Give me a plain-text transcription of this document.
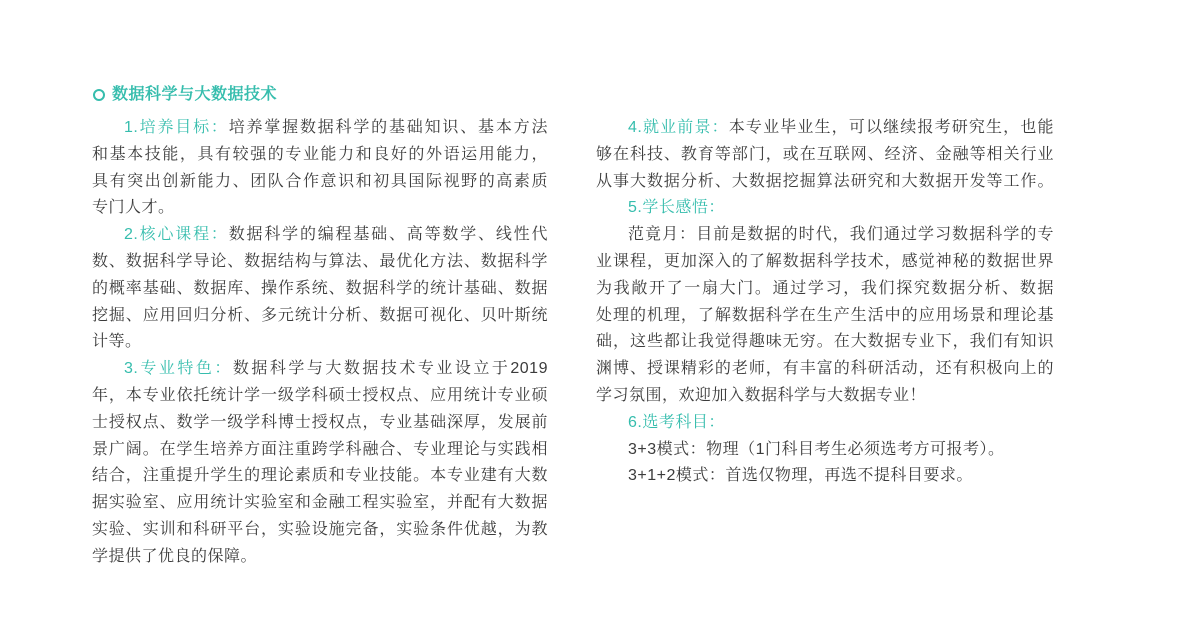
数据科学与大数据技术
1.培养目标：培养掌握数据科学的基础知识、基本方法
和基本技能，具有较强的专业能力和良好的外语运用能力，
具有突出创新能力、团队合作意识和初具国际视野的高素质
专门人才。
2.核心课程：数据科学的编程基础、高等数学、线性代
数、数据科学导论、数据结构与算法、最优化方法、数据科学
的概率基础、数据库、操作系统、数据科学的统计基础、数据
挖掘、应用回归分析、多元统计分析、数据可视化、贝叶斯统
计等。
3.专业特色：数据科学与大数据技术专业设立于2019
年，本专业依托统计学一级学科硕士授权点、应用统计专业硕
士授权点、数学一级学科博士授权点，专业基础深厚，发展前
景广阔。在学生培养方面注重跨学科融合、专业理论与实践相
结合，注重提升学生的理论素质和专业技能。本专业建有大数
据实验室、应用统计实验室和金融工程实验室，并配有大数据
实验、实训和科研平台，实验设施完备，实验条件优越，为教
学提供了优良的保障。
4.就业前景：本专业毕业生，可以继续报考研究生，也能
够在科技、教育等部门，或在互联网、经济、金融等相关行业
从事大数据分析、大数据挖掘算法研究和大数据开发等工作。
5.学长感悟：
范竟月：目前是数据的时代，我们通过学习数据科学的专
业课程，更加深入的了解数据科学技术，感觉神秘的数据世界
为我敞开了一扇大门。通过学习，我们探究数据分析、数据
处理的机理，了解数据科学在生产生活中的应用场景和理论基
础，这些都让我觉得趣味无穷。在大数据专业下，我们有知识
渊博、授课精彩的老师，有丰富的科研活动，还有积极向上的
学习氛围，欢迎加入数据科学与大数据专业！
6.选考科目：
3+3模式：物理（1门科目考生必须选考方可报考）。
3+1+2模式：首选仅物理，再选不提科目要求。
